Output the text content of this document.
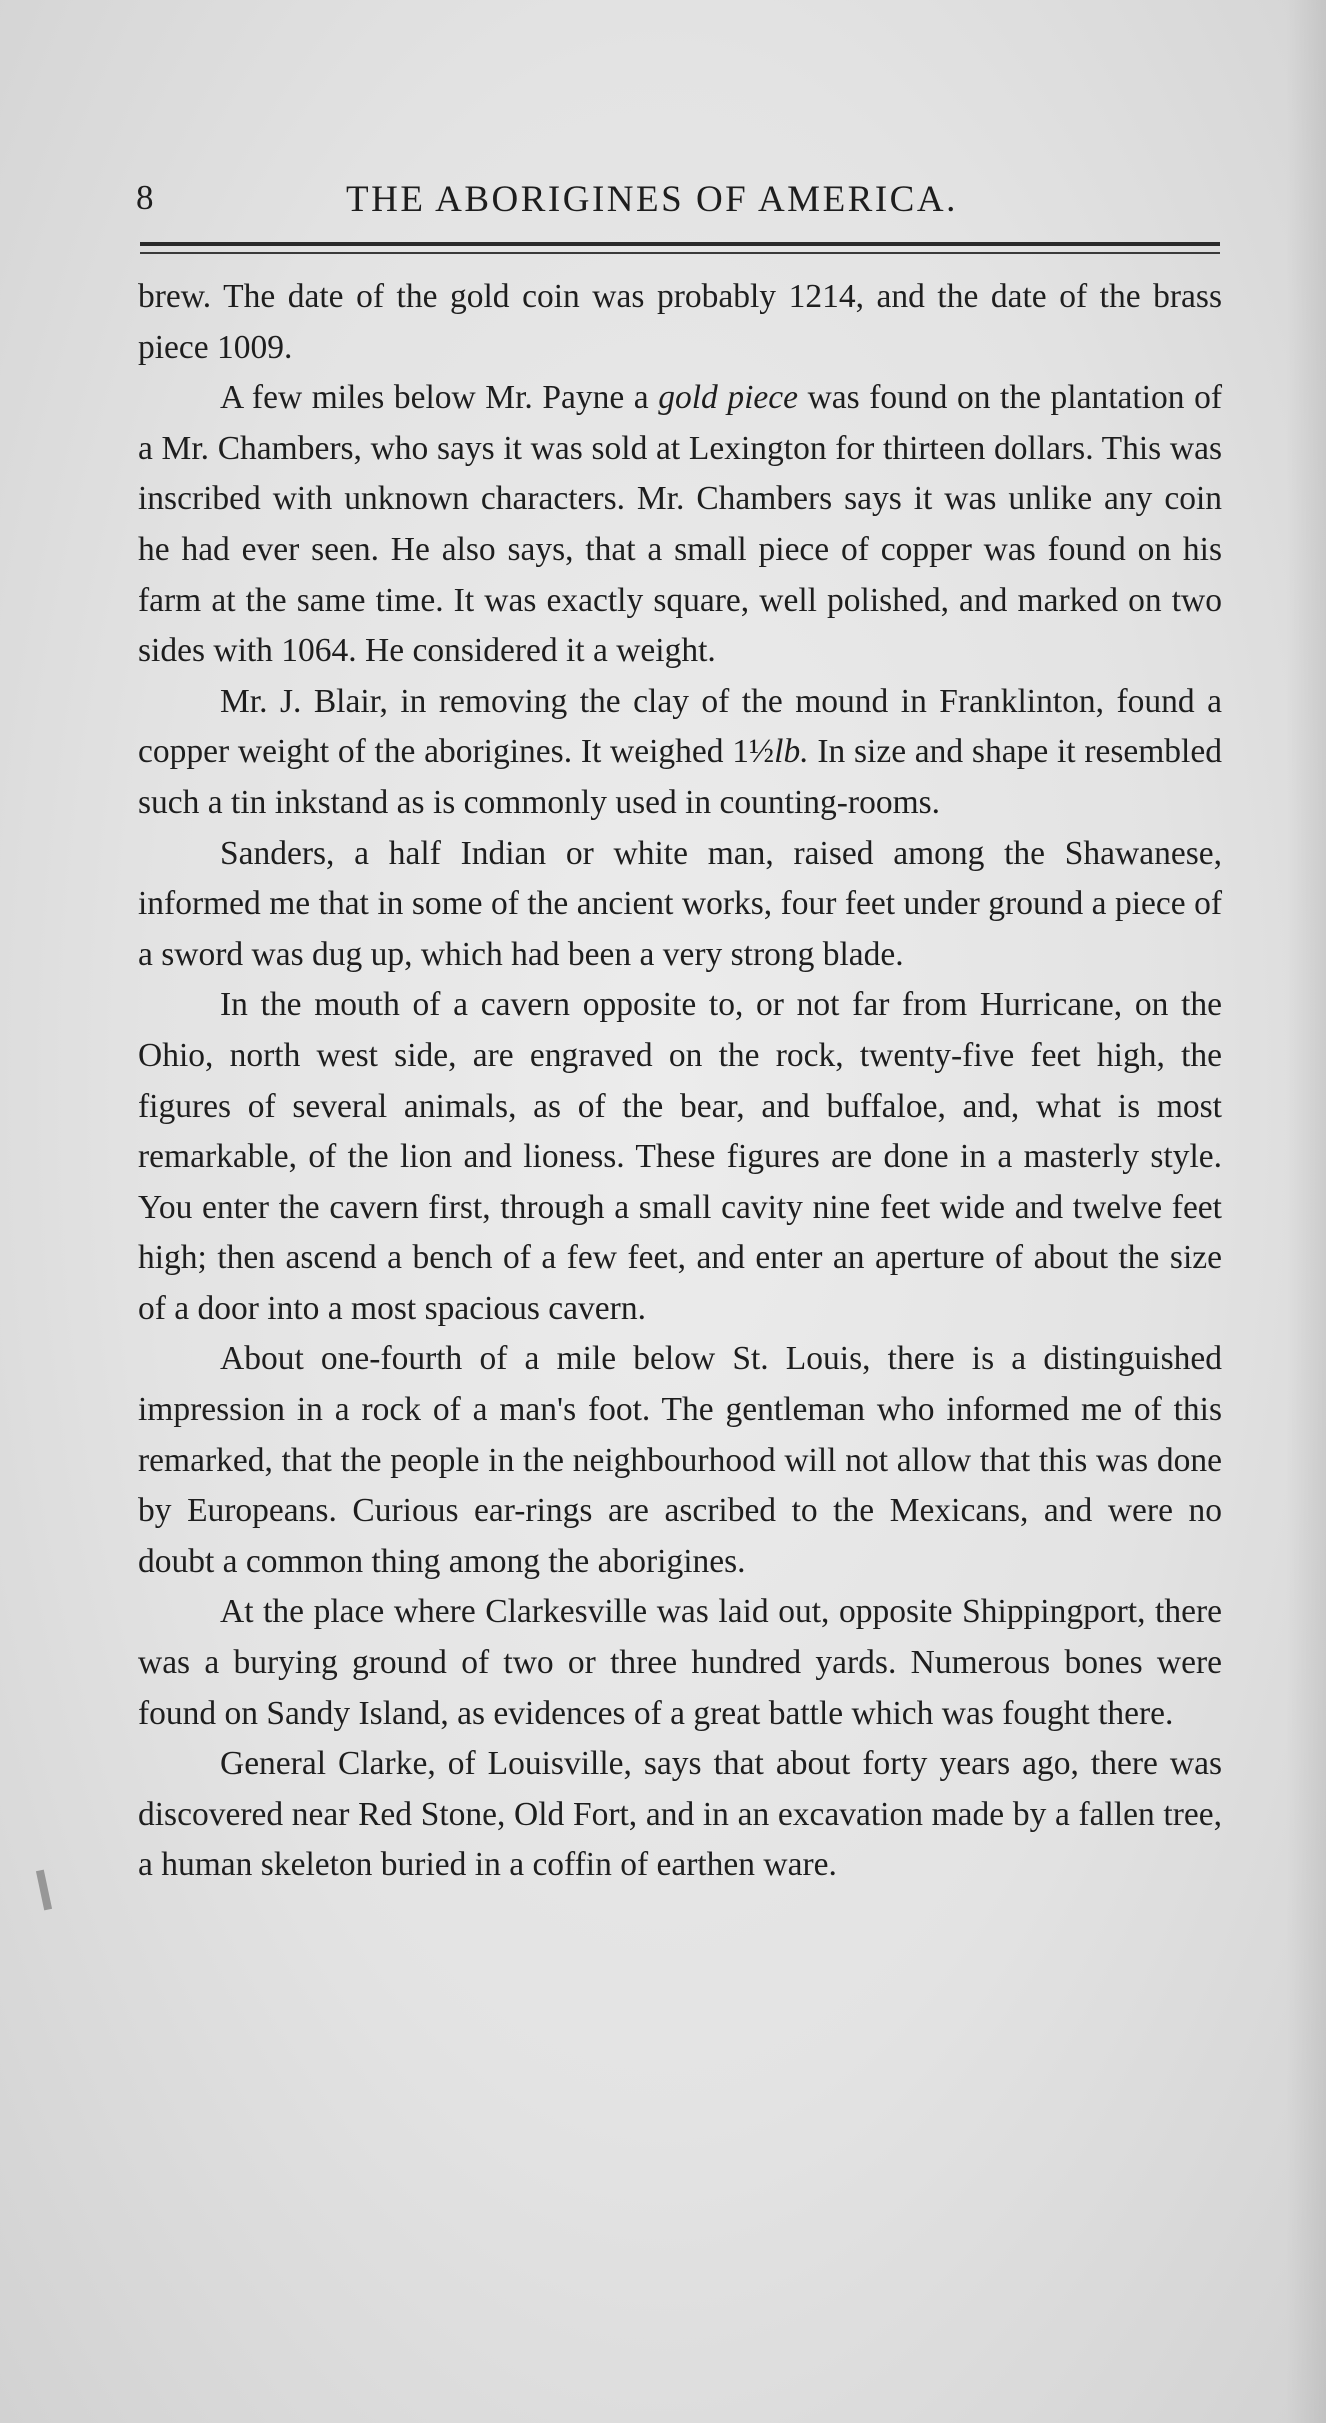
8	THE ABORIGINES OF AMERICA.

brew. The date of the gold coin was probably 1214, and the date of the brass piece 1009.

A few miles below Mr. Payne a gold piece was found on the plantation of a Mr. Chambers, who says it was sold at Lexington for thirteen dollars. This was inscribed with unknown characters. Mr. Chambers says it was unlike any coin he had ever seen. He also says, that a small piece of copper was found on his farm at the same time. It was exactly square, well polished, and marked on two sides with 1064. He considered it a weight.

Mr. J. Blair, in removing the clay of the mound in Franklinton, found a copper weight of the aborigines. It weighed 1½lb. In size and shape it resembled such a tin inkstand as is commonly used in counting-rooms.

Sanders, a half Indian or white man, raised among the Shawanese, informed me that in some of the ancient works, four feet under ground a piece of a sword was dug up, which had been a very strong blade.

In the mouth of a cavern opposite to, or not far from Hurricane, on the Ohio, north west side, are engraved on the rock, twenty-five feet high, the figures of several animals, as of the bear, and buffaloe, and, what is most remarkable, of the lion and lioness. These figures are done in a masterly style. You enter the cavern first, through a small cavity nine feet wide and twelve feet high; then ascend a bench of a few feet, and enter an aperture of about the size of a door into a most spacious cavern.

About one-fourth of a mile below St. Louis, there is a distinguished impression in a rock of a man's foot. The gentleman who informed me of this remarked, that the people in the neighbourhood will not allow that this was done by Europeans. Curious ear-rings are ascribed to the Mexicans, and were no doubt a common thing among the aborigines.

At the place where Clarkesville was laid out, opposite Shippingport, there was a burying ground of two or three hundred yards. Numerous bones were found on Sandy Island, as evidences of a great battle which was fought there.

General Clarke, of Louisville, says that about forty years ago, there was discovered near Red Stone, Old Fort, and in an excavation made by a fallen tree, a human skeleton buried in a coffin of earthen ware.
